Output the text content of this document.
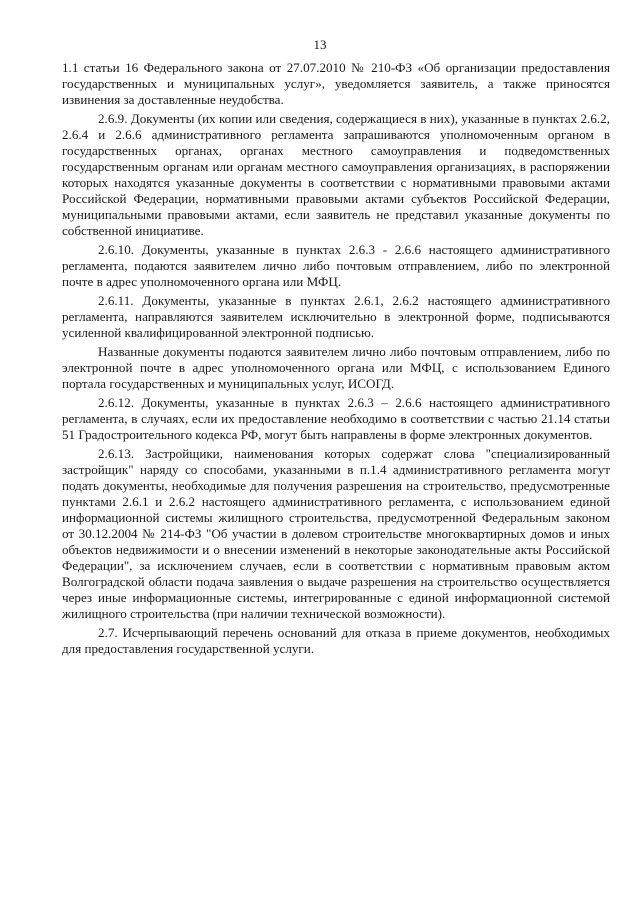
13

1.1 статьи 16 Федерального закона от 27.07.2010 № 210-ФЗ «Об организации предоставления государственных и муниципальных услуг», уведомляется заявитель, а также приносятся извинения за доставленные неудобства.

2.6.9. Документы (их копии или сведения, содержащиеся в них), указанные в пунктах 2.6.2, 2.6.4 и 2.6.6 административного регламента запрашиваются уполномоченным органом в государственных органах, органах местного самоуправления и подведомственных государственным органам или органам местного самоуправления организациях, в распоряжении которых находятся указанные документы в соответствии с нормативными правовыми актами Российской Федерации, нормативными правовыми актами субъектов Российской Федерации, муниципальными правовыми актами, если заявитель не представил указанные документы по собственной инициативе.

2.6.10. Документы, указанные в пунктах 2.6.3 - 2.6.6 настоящего административного регламента, подаются заявителем лично либо почтовым отправлением, либо по электронной почте в адрес уполномоченного органа или МФЦ.

2.6.11. Документы, указанные в пунктах 2.6.1, 2.6.2 настоящего административного регламента, направляются заявителем исключительно в электронной форме, подписываются усиленной квалифицированной электронной подписью.

Названные документы подаются заявителем лично либо почтовым отправлением, либо по электронной почте в адрес уполномоченного органа или МФЦ, с использованием Единого портала государственных и муниципальных услуг, ИСОГД.

2.6.12. Документы, указанные в пунктах 2.6.3 – 2.6.6 настоящего административного регламента, в случаях, если их предоставление необходимо в соответствии с частью 21.14 статьи 51 Градостроительного кодекса РФ, могут быть направлены в форме электронных документов.

2.6.13. Застройщики, наименования которых содержат слова "специализированный застройщик" наряду со способами, указанными в п.1.4 административного регламента могут подать документы, необходимые для получения разрешения на строительство, предусмотренные пунктами 2.6.1 и 2.6.2 настоящего административного регламента, с использованием единой информационной системы жилищного строительства, предусмотренной Федеральным законом от 30.12.2004 № 214-ФЗ "Об участии в долевом строительстве многоквартирных домов и иных объектов недвижимости и о внесении изменений в некоторые законодательные акты Российской Федерации", за исключением случаев, если в соответствии с нормативным правовым актом Волгоградской области подача заявления о выдаче разрешения на строительство осуществляется через иные информационные системы, интегрированные с единой информационной системой жилищного строительства (при наличии технической возможности).

2.7. Исчерпывающий перечень оснований для отказа в приеме документов, необходимых для предоставления государственной услуги.
